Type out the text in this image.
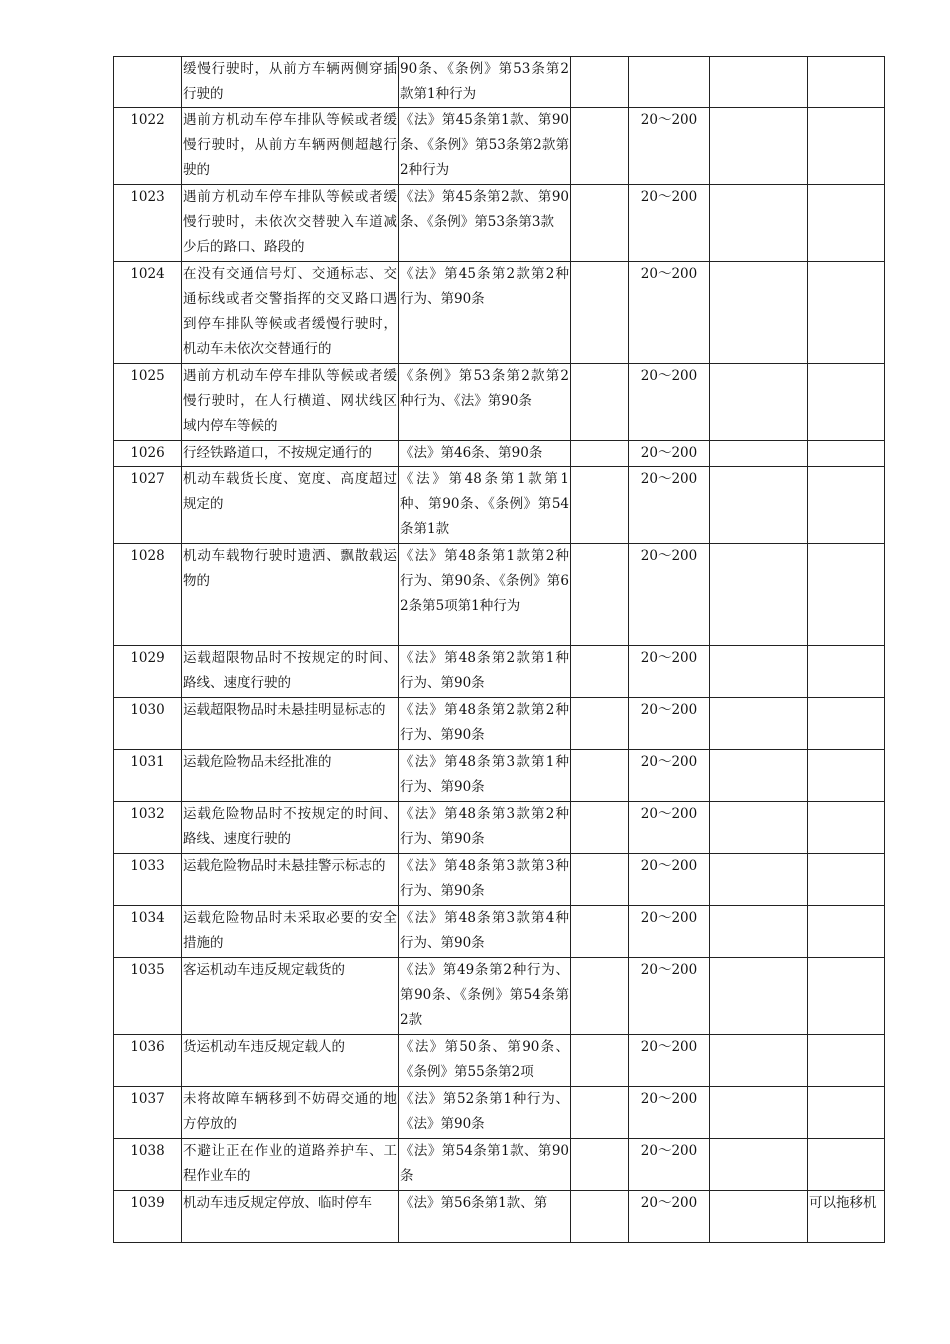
	缓慢行驶时，从前方车辆两侧穿插行驶的	90条、《条例》第53条第2款第1种行为				
1022	遇前方机动车停车排队等候或者缓慢行驶时，从前方车辆两侧超越行驶的	《法》第45条第1款、第90条、《条例》第53条第2款第2种行为		20～200		
1023	遇前方机动车停车排队等候或者缓慢行驶时，未依次交替驶入车道减少后的路口、路段的	《法》第45条第2款、第90条、《条例》第53条第3款		20～200		
1024	在没有交通信号灯、交通标志、交通标线或者交警指挥的交叉路口遇到停车排队等候或者缓慢行驶时，机动车未依次交替通行的	《法》第45条第2款第2种行为、第90条		20～200		
1025	遇前方机动车停车排队等候或者缓慢行驶时，在人行横道、网状线区域内停车等候的	《条例》第53条第2款第2种行为、《法》第90条		20～200		
1026	行经铁路道口，不按规定通行的	《法》第46条、第90条		20～200		
1027	机动车载货长度、宽度、高度超过规定的	《法》第48条第1款第1种、第90条、《条例》第54条第1款		20～200		
1028	机动车载物行驶时遗洒、飘散载运物的	《法》第48条第1款第2种行为、第90条、《条例》第62条第5项第1种行为		20～200		
1029	运载超限物品时不按规定的时间、路线、速度行驶的	《法》第48条第2款第1种行为、第90条		20～200		
1030	运载超限物品时未悬挂明显标志的	《法》第48条第2款第2种行为、第90条		20～200		
1031	运载危险物品未经批准的	《法》第48条第3款第1种行为、第90条		20～200		
1032	运载危险物品时不按规定的时间、路线、速度行驶的	《法》第48条第3款第2种行为、第90条		20～200		
1033	运载危险物品时未悬挂警示标志的	《法》第48条第3款第3种行为、第90条		20～200		
1034	运载危险物品时未采取必要的安全措施的	《法》第48条第3款第4种行为、第90条		20～200		
1035	客运机动车违反规定载货的	《法》第49条第2种行为、第90条、《条例》第54条第2款		20～200		
1036	货运机动车违反规定载人的	《法》第50条、第90条、《条例》第55条第2项		20～200		
1037	未将故障车辆移到不妨碍交通的地方停放的	《法》第52条第1种行为、《法》第90条		20～200		
1038	不避让正在作业的道路养护车、工程作业车的	《法》第54条第1款、第90条		20～200		
1039	机动车违反规定停放、临时停车	《法》第56条第1款、第		20～200		可以拖移机
